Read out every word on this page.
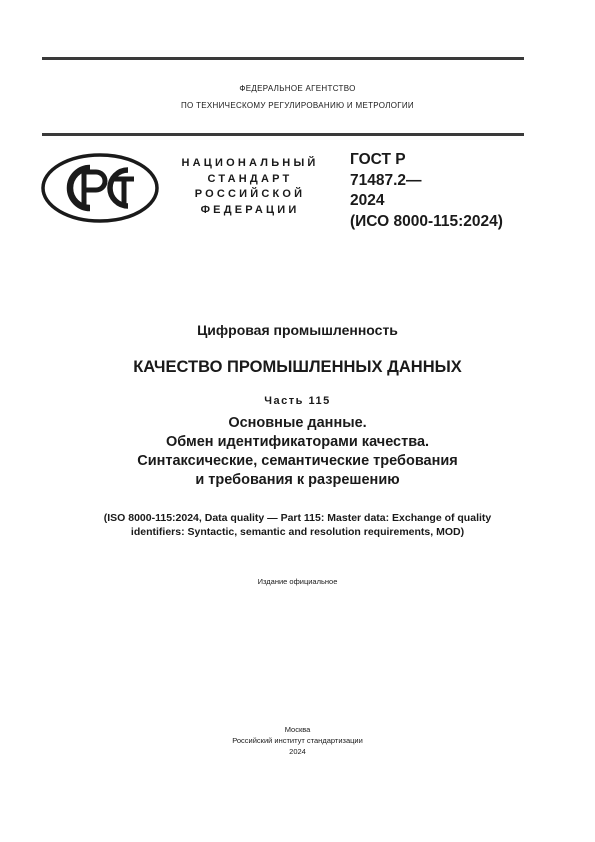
ФЕДЕРАЛЬНОЕ АГЕНТСТВО
ПО ТЕХНИЧЕСКОМУ РЕГУЛИРОВАНИЮ И МЕТРОЛОГИИ
НАЦИОНАЛЬНЫЙ
СТАНДАРТ
РОССИЙСКОЙ
ФЕДЕРАЦИИ
ГОСТ Р
71487.2—
2024
(ИСО 8000-115:2024)
Цифровая промышленность
КАЧЕСТВО ПРОМЫШЛЕННЫХ ДАННЫХ
Часть 115
Основные данные.
Обмен идентификаторами качества.
Синтаксические, семантические требования
и требования к разрешению
(ISO 8000-115:2024, Data quality — Part 115: Master data: Exchange of quality
identifiers: Syntactic, semantic and resolution requirements, MOD)
Издание официальное
Москва
Российский институт стандартизации
2024
